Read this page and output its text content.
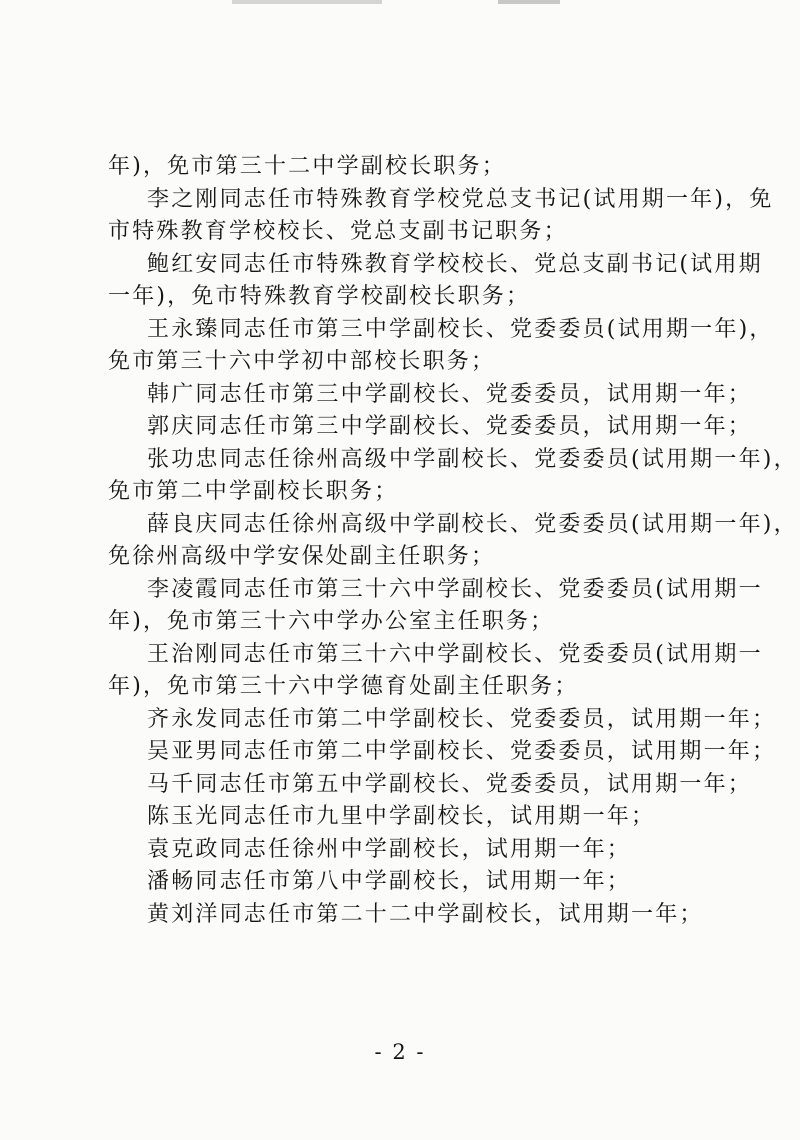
年)，免市第三十二中学副校长职务；
李之刚同志任市特殊教育学校党总支书记(试用期一年)，免
市特殊教育学校校长、党总支副书记职务；
鲍红安同志任市特殊教育学校校长、党总支副书记(试用期
一年)，免市特殊教育学校副校长职务；
王永臻同志任市第三中学副校长、党委委员(试用期一年)，
免市第三十六中学初中部校长职务；
韩广同志任市第三中学副校长、党委委员，试用期一年；
郭庆同志任市第三中学副校长、党委委员，试用期一年；
张功忠同志任徐州高级中学副校长、党委委员(试用期一年)，
免市第二中学副校长职务；
薛良庆同志任徐州高级中学副校长、党委委员(试用期一年)，
免徐州高级中学安保处副主任职务；
李凌霞同志任市第三十六中学副校长、党委委员(试用期一
年)，免市第三十六中学办公室主任职务；
王治刚同志任市第三十六中学副校长、党委委员(试用期一
年)，免市第三十六中学德育处副主任职务；
齐永发同志任市第二中学副校长、党委委员，试用期一年；
吴亚男同志任市第二中学副校长、党委委员，试用期一年；
马千同志任市第五中学副校长、党委委员，试用期一年；
陈玉光同志任市九里中学副校长，试用期一年；
袁克政同志任徐州中学副校长，试用期一年；
潘畅同志任市第八中学副校长，试用期一年；
黄刘洋同志任市第二十二中学副校长，试用期一年；
- 2 -
